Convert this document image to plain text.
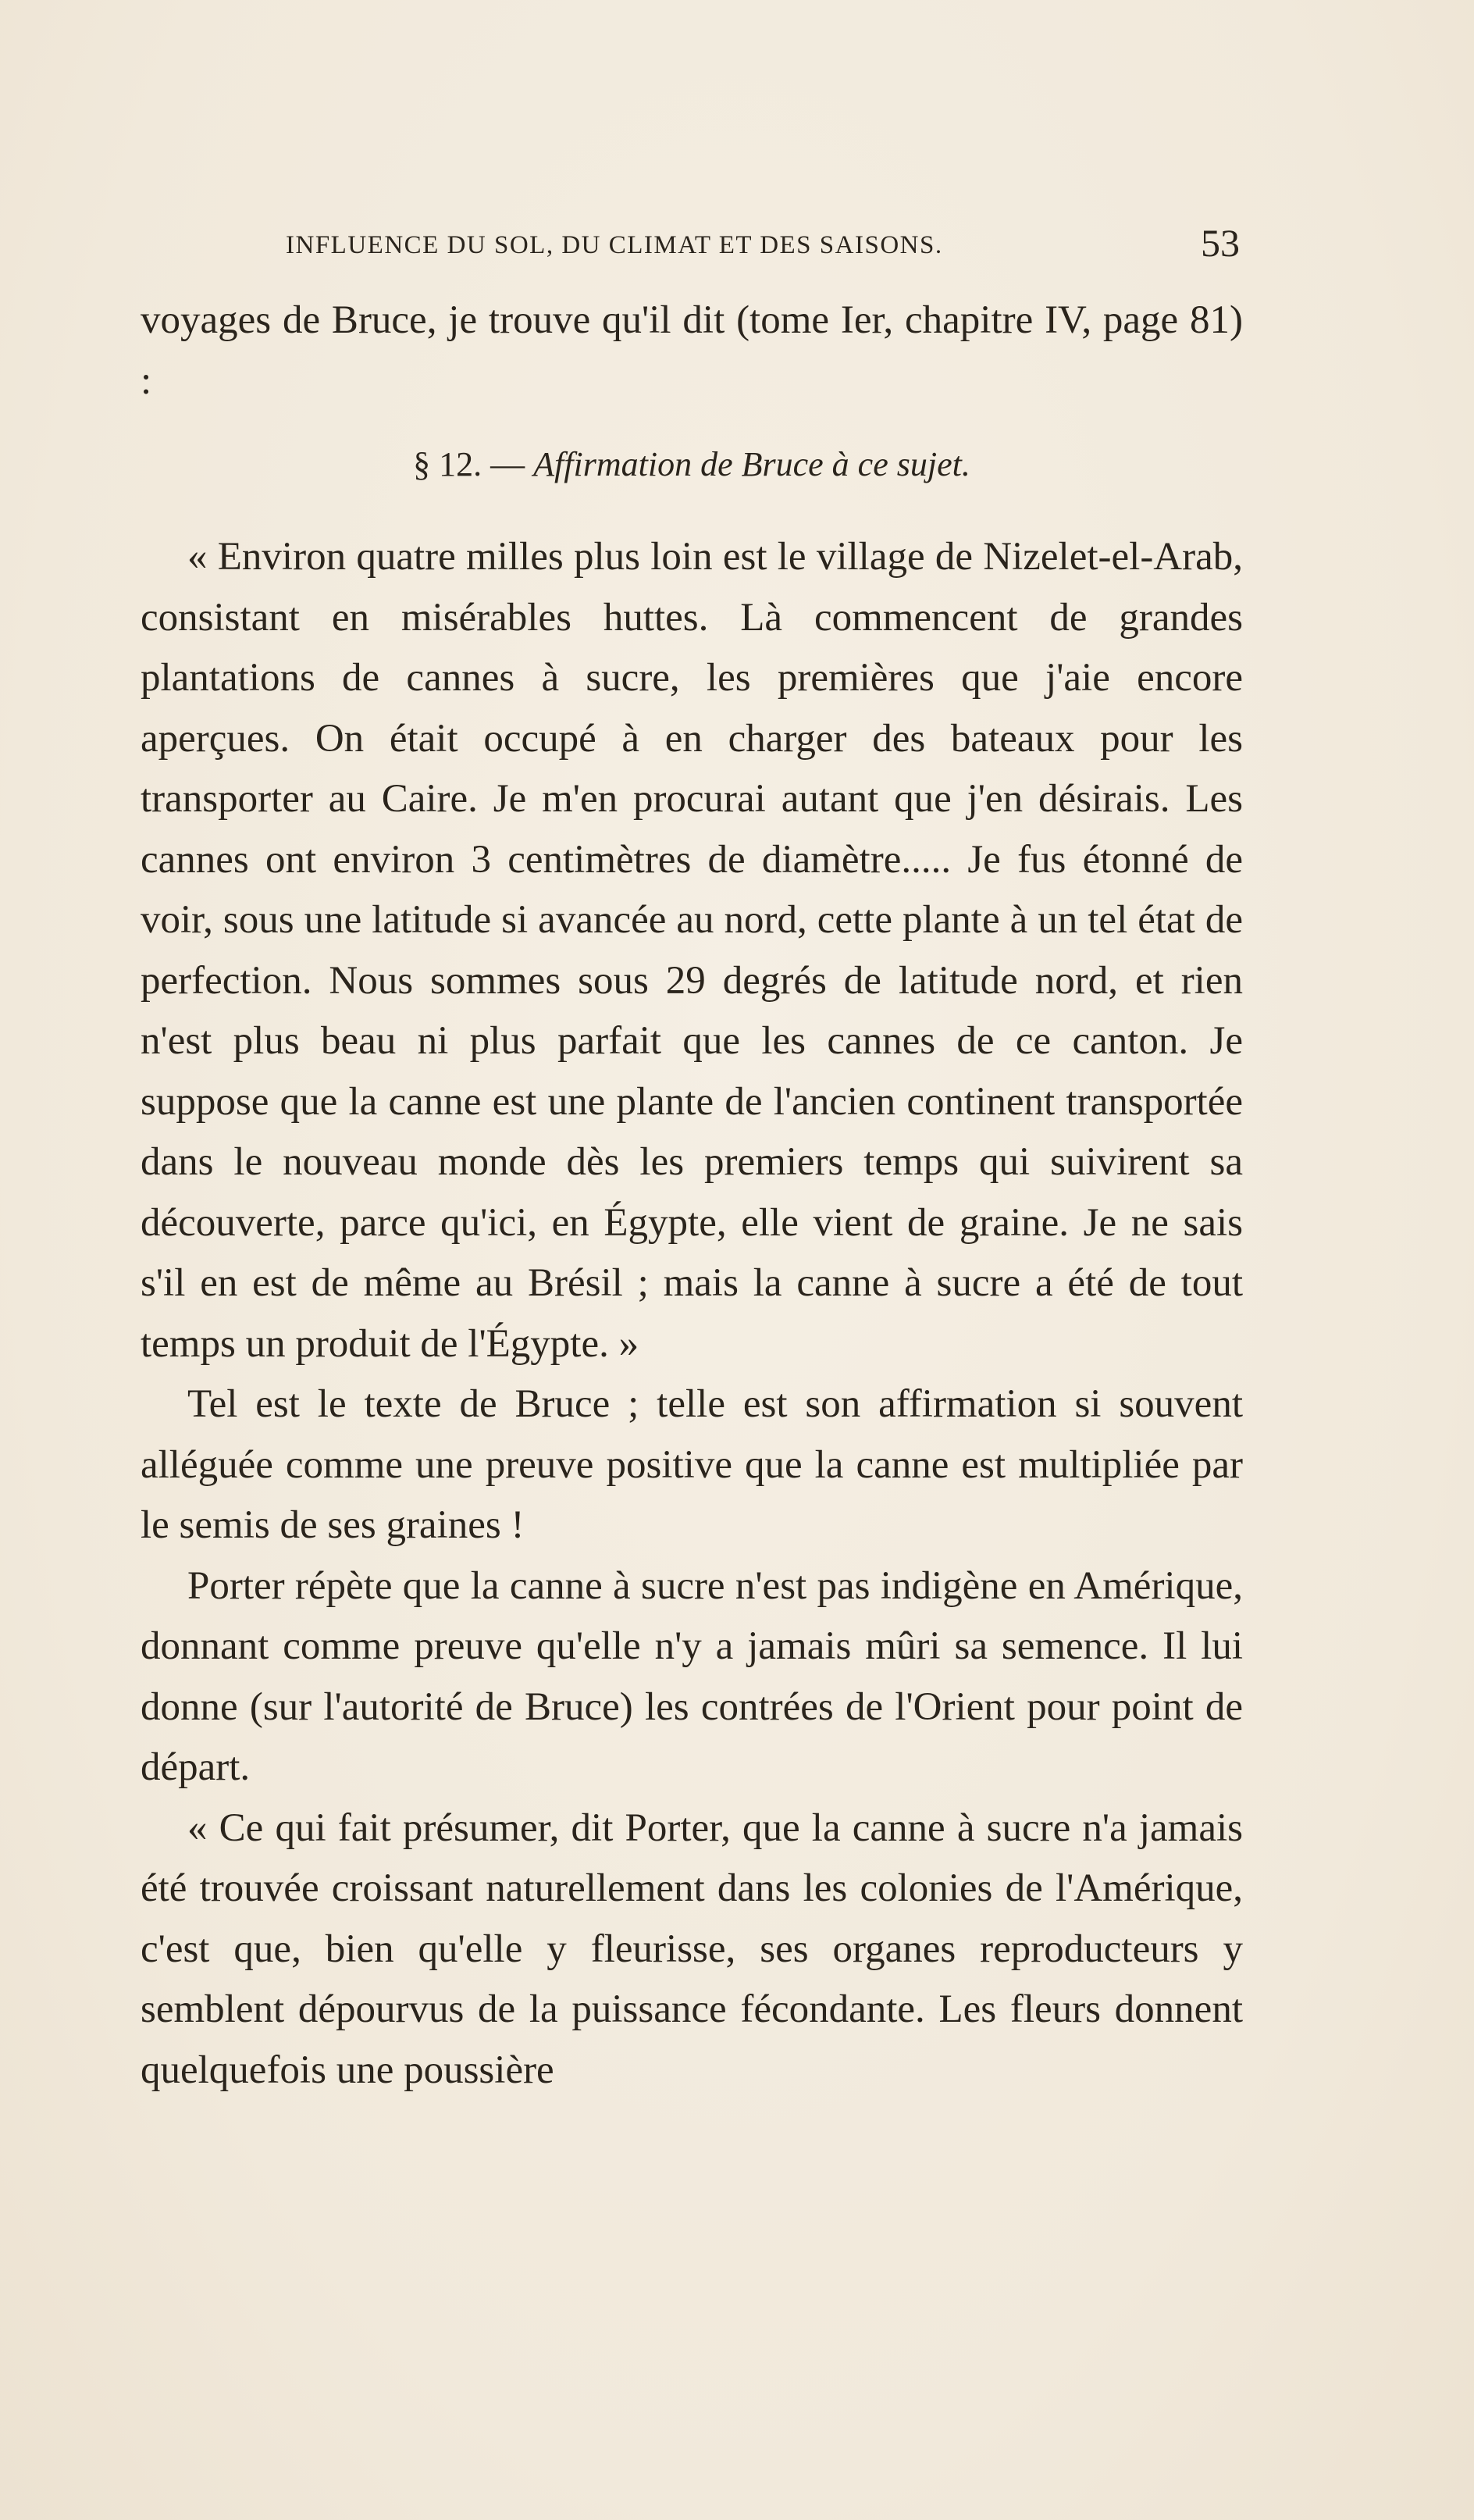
INFLUENCE DU SOL, DU CLIMAT ET DES SAISONS.	53

voyages de Bruce, je trouve qu'il dit (tome Ier, chapitre IV, page 81) :

§ 12. — Affirmation de Bruce à ce sujet.

« Environ quatre milles plus loin est le village de Nizelet-el-Arab, consistant en misérables huttes. Là commencent de grandes plantations de cannes à sucre, les premières que j'aie encore aperçues. On était occupé à en charger des bateaux pour les transporter au Caire. Je m'en procurai autant que j'en désirais. Les cannes ont environ 3 centimètres de diamètre..... Je fus étonné de voir, sous une latitude si avancée au nord, cette plante à un tel état de perfection. Nous sommes sous 29 degrés de latitude nord, et rien n'est plus beau ni plus parfait que les cannes de ce canton. Je suppose que la canne est une plante de l'ancien continent transportée dans le nouveau monde dès les premiers temps qui suivirent sa découverte, parce qu'ici, en Égypte, elle vient de graine. Je ne sais s'il en est de même au Brésil ; mais la canne à sucre a été de tout temps un produit de l'Égypte. »

Tel est le texte de Bruce ; telle est son affirmation si souvent alléguée comme une preuve positive que la canne est multipliée par le semis de ses graines !

Porter répète que la canne à sucre n'est pas indigène en Amérique, donnant comme preuve qu'elle n'y a jamais mûri sa semence. Il lui donne (sur l'autorité de Bruce) les contrées de l'Orient pour point de départ.

« Ce qui fait présumer, dit Porter, que la canne à sucre n'a jamais été trouvée croissant naturellement dans les colonies de l'Amérique, c'est que, bien qu'elle y fleurisse, ses organes reproducteurs y semblent dépourvus de la puissance fécondante. Les fleurs donnent quelquefois une poussière
